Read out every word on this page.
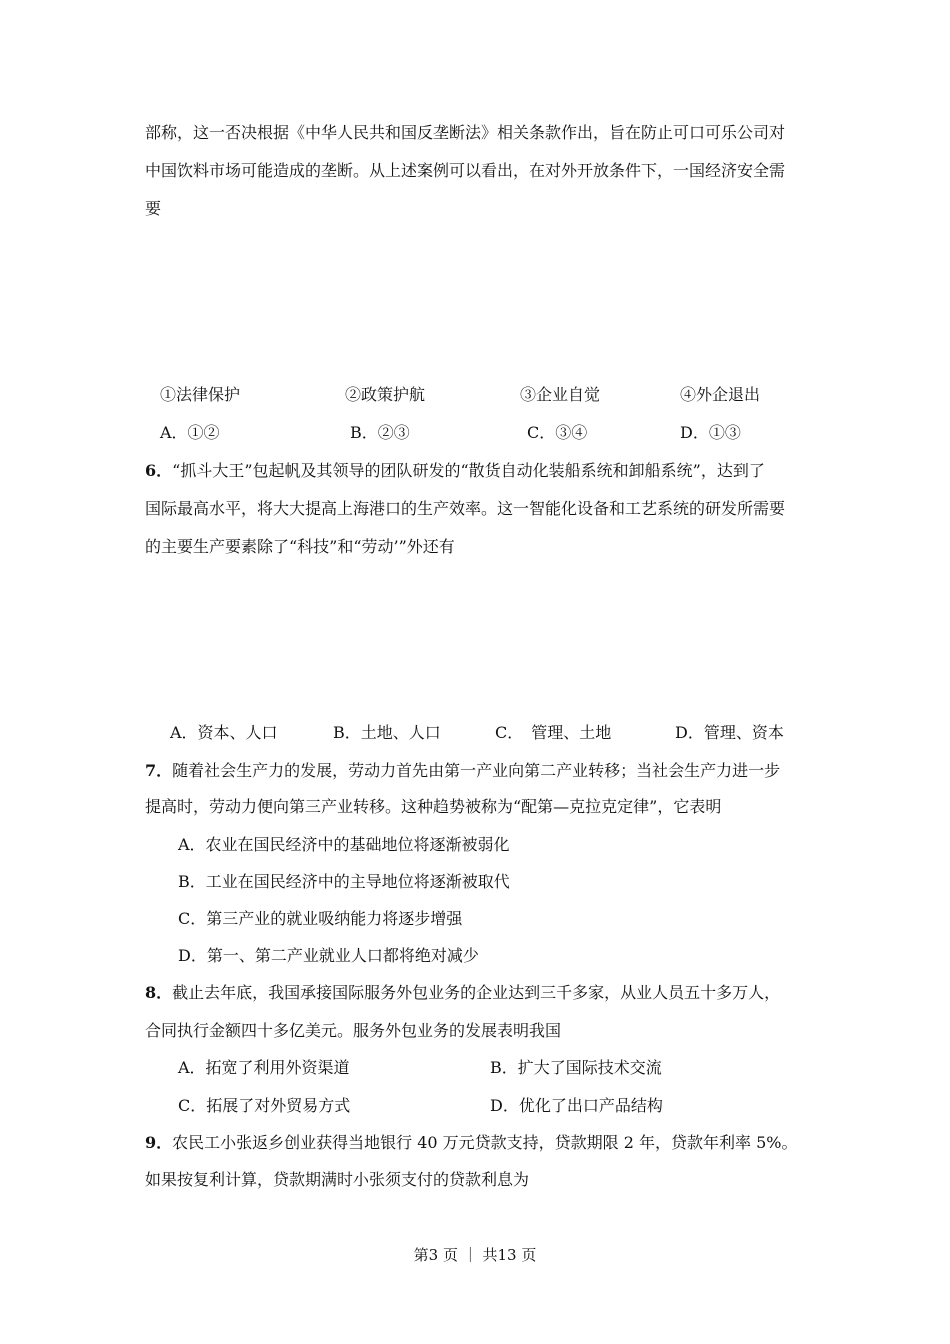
部称，这一否决根据《中华人民共和国反垄断法》相关条款作出，旨在防止可口可乐公司对
中国饮料市场可能造成的垄断。从上述案例可以看出，在对外开放条件下，一国经济安全需
要
①法律保护	②政策护航	③企业自觉	④外企退出
A．①②	B．②③	C．③④	D．①③
6．“抓斗大王”包起帆及其领导的团队研发的“散货自动化装船系统和卸船系统”，达到了
国际最高水平，将大大提高上海港口的生产效率。这一智能化设备和工艺系统的研发所需要
的主要生产要素除了“科技”和“劳动’”外还有
A．资本、人口	B．土地、人口	C．　管理、土地	D．管理、资本
7．随着社会生产力的发展，劳动力首先由第一产业向第二产业转移；当社会生产力进一步
提高时，劳动力便向第三产业转移。这种趋势被称为“配第—克拉克定律”，它表明
A．农业在国民经济中的基础地位将逐渐被弱化
B．工业在国民经济中的主导地位将逐渐被取代
C．第三产业的就业吸纳能力将逐步增强
D．第一、第二产业就业人口都将绝对减少
8．截止去年底，我国承接国际服务外包业务的企业达到三千多家，从业人员五十多万人，
合同执行金额四十多亿美元。服务外包业务的发展表明我国
A．拓宽了利用外资渠道	B．扩大了国际技术交流
C．拓展了对外贸易方式	D．优化了出口产品结构
9．农民工小张返乡创业获得当地银行 40 万元贷款支持，贷款期限 2 年，贷款年利率 5%。
如果按复利计算，贷款期满时小张须支付的贷款利息为
第3 页 ｜ 共13 页
